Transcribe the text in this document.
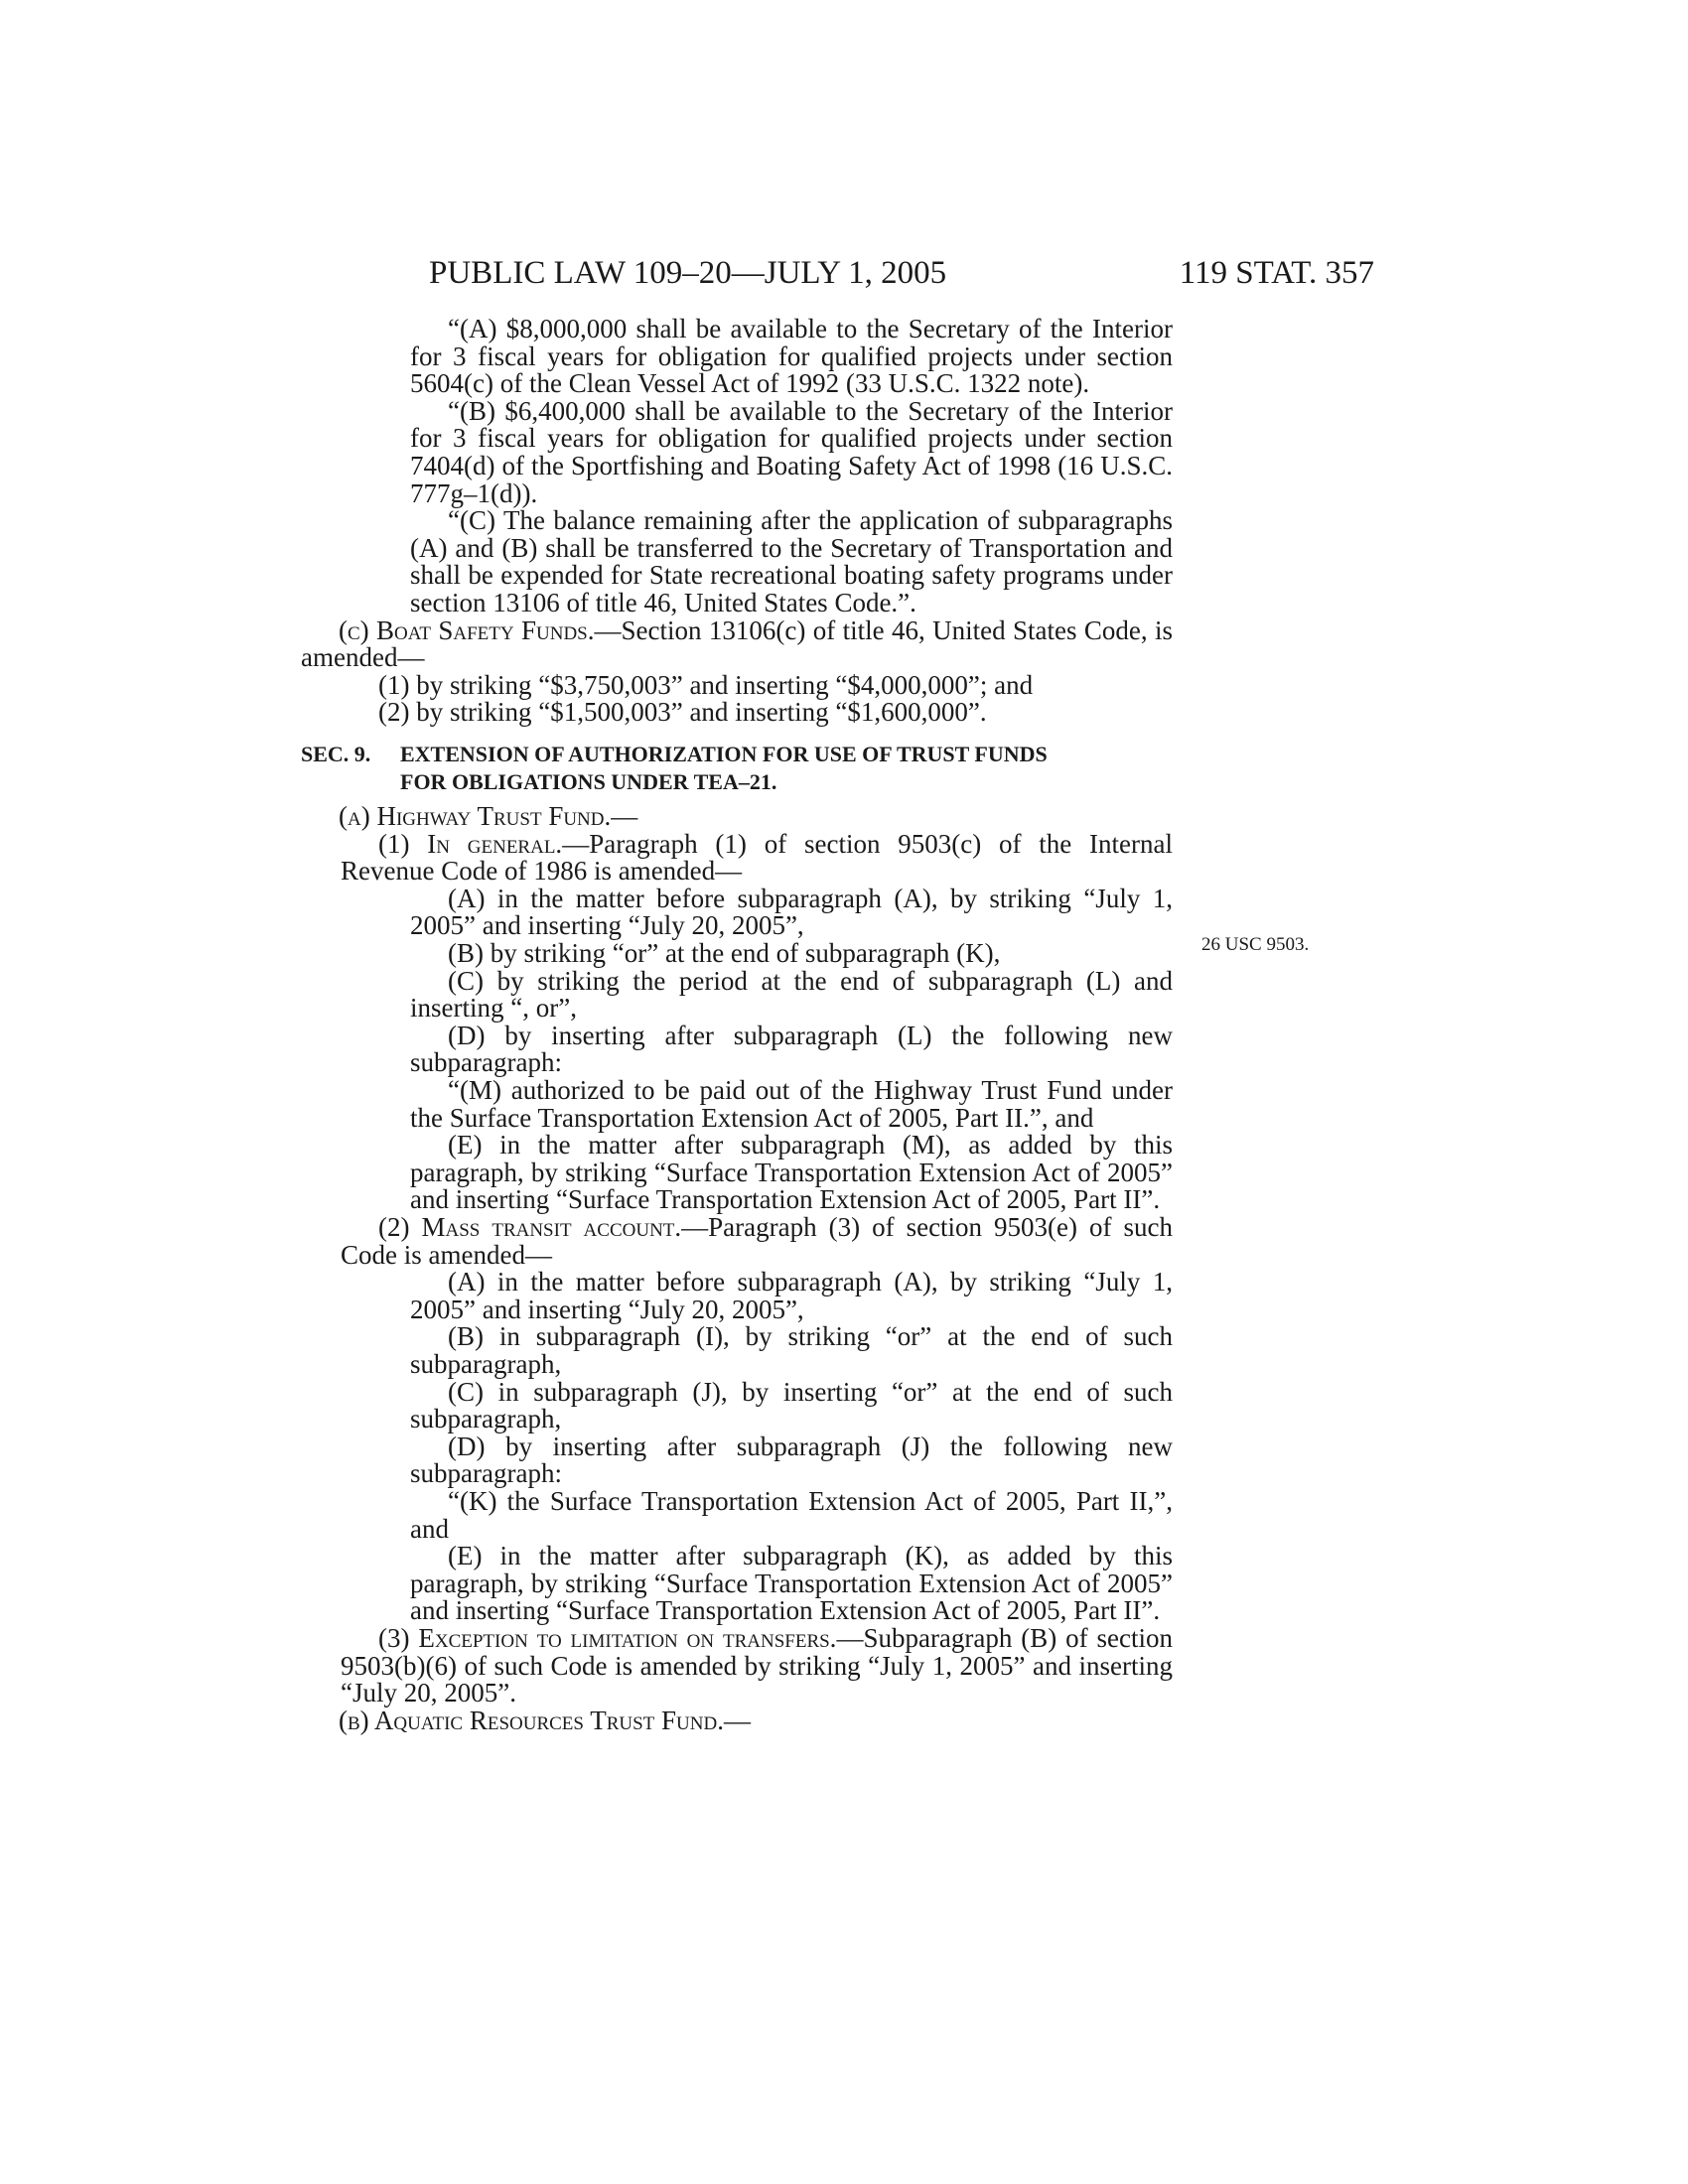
PUBLIC LAW 109–20—JULY 1, 2005	119 STAT. 357
26 USC 9503.

“(A) $8,000,000 shall be available to the Secretary of the Interior for 3 fiscal years for obligation for qualified projects under section 5604(c) of the Clean Vessel Act of 1992 (33 U.S.C. 1322 note).

“(B) $6,400,000 shall be available to the Secretary of the Interior for 3 fiscal years for obligation for qualified projects under section 7404(d) of the Sportfishing and Boating Safety Act of 1998 (16 U.S.C. 777g–1(d)).

“(C) The balance remaining after the application of subparagraphs (A) and (B) shall be transferred to the Secretary of Transportation and shall be expended for State recreational boating safety programs under section 13106 of title 46, United States Code.”.

(c) Boat Safety Funds.—Section 13106(c) of title 46, United States Code, is amended—

(1) by striking “$3,750,003” and inserting “$4,000,000”; and

(2) by striking “$1,500,003” and inserting “$1,600,000”.

SEC. 9. EXTENSION OF AUTHORIZATION FOR USE OF TRUST FUNDS
FOR OBLIGATIONS UNDER TEA–21.

(a) Highway Trust Fund.—

(1) In general.—Paragraph (1) of section 9503(c) of the Internal Revenue Code of 1986 is amended—

(A) in the matter before subparagraph (A), by striking “July 1, 2005” and inserting “July 20, 2005”,

(B) by striking “or” at the end of subparagraph (K),

(C) by striking the period at the end of subparagraph (L) and inserting “, or”,

(D) by inserting after subparagraph (L) the following new subparagraph:

“(M) authorized to be paid out of the Highway Trust Fund under the Surface Transportation Extension Act of 2005, Part II.”, and

(E) in the matter after subparagraph (M), as added by this paragraph, by striking “Surface Transportation Extension Act of 2005” and inserting “Surface Transportation Extension Act of 2005, Part II”.

(2) Mass transit account.—Paragraph (3) of section 9503(e) of such Code is amended—

(A) in the matter before subparagraph (A), by striking “July 1, 2005” and inserting “July 20, 2005”,

(B) in subparagraph (I), by striking “or” at the end of such subparagraph,

(C) in subparagraph (J), by inserting “or” at the end of such subparagraph,

(D) by inserting after subparagraph (J) the following new subparagraph:

“(K) the Surface Transportation Extension Act of 2005, Part II,”, and

(E) in the matter after subparagraph (K), as added by this paragraph, by striking “Surface Transportation Extension Act of 2005” and inserting “Surface Transportation Extension Act of 2005, Part II”.

(3) Exception to limitation on transfers.—Subparagraph (B) of section 9503(b)(6) of such Code is amended by striking “July 1, 2005” and inserting “July 20, 2005”.

(b) Aquatic Resources Trust Fund.—
